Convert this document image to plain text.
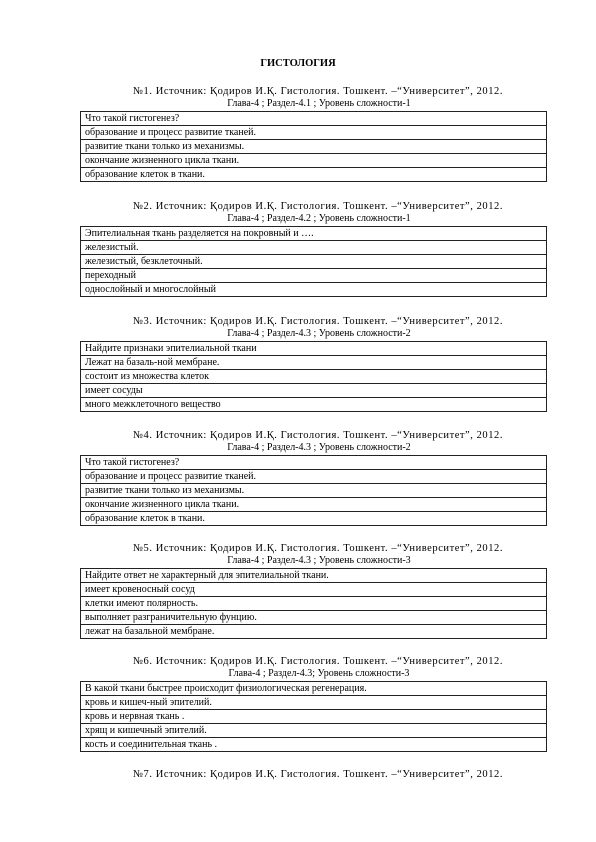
ГИСТОЛОГИЯ
№1. Источник: Қодиров И.Қ. Гистология. Тошкент. –“Университет”, 2012.
Глава-4 ; Раздел-4.1 ; Уровень сложности-1
Что такой гистогенез?
образование и процесс развитие тканей.
развитие ткани только из механизмы.
окончание жизненного цикла ткани.
образование клеток в ткани.
№2. Источник: Қодиров И.Қ. Гистология. Тошкент. –“Университет”, 2012.
Глава-4 ; Раздел-4.2 ; Уровень сложности-1
Эпителиальная ткань разделяется на покровный и ….
железистый.
железистый, безклеточный.
переходный
однослойный и многослойный
№3. Источник: Қодиров И.Қ. Гистология. Тошкент. –“Университет”, 2012.
Глава-4 ; Раздел-4.3 ; Уровень сложности-2
Найдите признаки эпителиальной ткани
Лежат на базаль-ной мембране.
состоит из множества клеток
имеет сосуды
много межклеточного вещество
№4. Источник: Қодиров И.Қ. Гистология. Тошкент. –“Университет”, 2012.
Глава-4 ; Раздел-4.3 ; Уровень сложности-2
Что такой гистогенез?
образование и процесс развитие тканей.
развитие ткани только из механизмы.
окончание жизненного цикла ткани.
образование клеток в ткани.
№5. Источник: Қодиров И.Қ. Гистология. Тошкент. –“Университет”, 2012.
Глава-4 ; Раздел-4.3 ; Уровень сложности-3
Найдите ответ не характерный для эпителиальной ткани.
имеет кровеносный сосуд
клетки имеют полярность.
выполняет разграничительную фунцию.
лежат на базальной мембране.
№6. Источник: Қодиров И.Қ. Гистология. Тошкент. –“Университет”, 2012.
Глава-4 ; Раздел-4.3; Уровень сложности-3
В какой ткани быстрее происходит физиологическая регенерация.
кровь и кишеч-ный эпителий.
кровь и нервная ткань .
хрящ и кишечный эпителий.
кость и соединительная ткань .
№7. Источник: Қодиров И.Қ. Гистология. Тошкент. –“Университет”, 2012.
